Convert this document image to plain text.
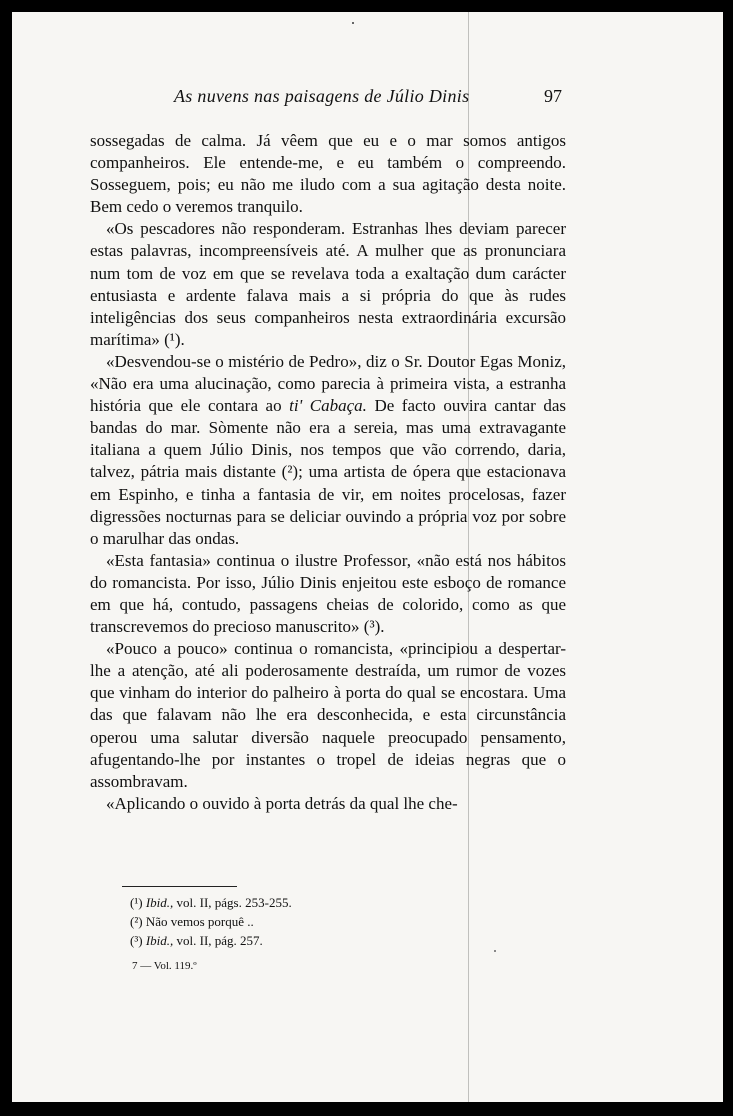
As nuvens nas paisagens de Júlio Dinis	97

sossegadas de calma. Já vêem que eu e o mar somos antigos companheiros. Ele entende-me, e eu também o compreendo. Sosseguem, pois; eu não me iludo com a sua agitação desta noite. Bem cedo o veremos tranquilo.

«Os pescadores não responderam. Estranhas lhes deviam parecer estas palavras, incompreensíveis até. A mulher que as pronunciara num tom de voz em que se revelava toda a exaltação dum carácter entusiasta e ardente falava mais a si própria do que às rudes inteligências dos seus companheiros nesta extraordinária excursão marítima» (¹).

«Desvendou-se o mistério de Pedro», diz o Sr. Doutor Egas Moniz, «Não era uma alucinação, como parecia à primeira vista, a estranha história que ele contara ao ti' Cabaça. De facto ouvira cantar das bandas do mar. Sòmente não era a sereia, mas uma extravagante italiana a quem Júlio Dinis, nos tempos que vão correndo, daria, talvez, pátria mais distante (²); uma artista de ópera que estacionava em Espinho, e tinha a fantasia de vir, em noites procelosas, fazer digressões nocturnas para se deliciar ouvindo a própria voz por sobre o marulhar das ondas.

«Esta fantasia» continua o ilustre Professor, «não está nos hábitos do romancista. Por isso, Júlio Dinis enjeitou este esboço de romance em que há, contudo, passagens cheias de colorido, como as que transcrevemos do precioso manuscrito» (³).

«Pouco a pouco» continua o romancista, «principiou a despertar-lhe a atenção, até ali poderosamente destraída, um rumor de vozes que vinham do interior do palheiro à porta do qual se encostara. Uma das que falavam não lhe era desconhecida, e esta circunstância operou uma salutar diversão naquele preocupado pensamento, afugentando-lhe por instantes o tropel de ideias negras que o assombravam.

«Aplicando o ouvido à porta detrás da qual lhe che-

(¹) Ibid., vol. II, págs. 253-255.
(²) Não vemos porquê ..
(³) Ibid., vol. II, pág. 257.
7 — Vol. 119.º
